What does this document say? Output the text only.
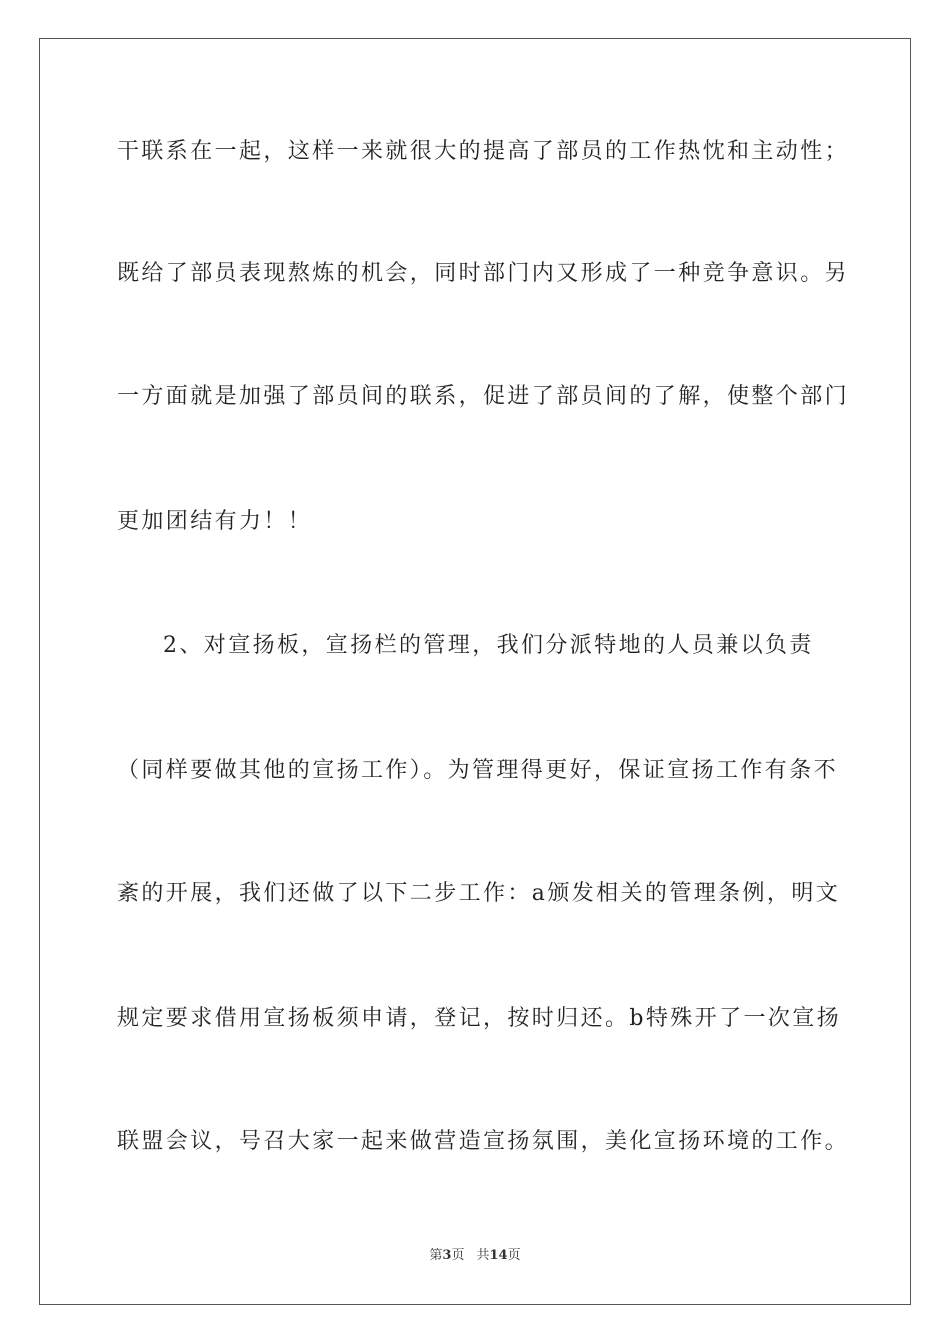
干联系在一起，这样一来就很大的提高了部员的工作热忱和主动性；
既给了部员表现熬炼的机会，同时部门内又形成了一种竞争意识。另
一方面就是加强了部员间的联系，促进了部员间的了解，使整个部门
更加团结有力！！
2、对宣扬板，宣扬栏的管理，我们分派特地的人员兼以负责
（同样要做其他的宣扬工作）。为管理得更好，保证宣扬工作有条不
紊的开展，我们还做了以下二步工作：a颁发相关的管理条例，明文
规定要求借用宣扬板须申请，登记，按时归还。b特殊开了一次宣扬
联盟会议，号召大家一起来做营造宣扬氛围，美化宣扬环境的工作。
第3页 共14页
